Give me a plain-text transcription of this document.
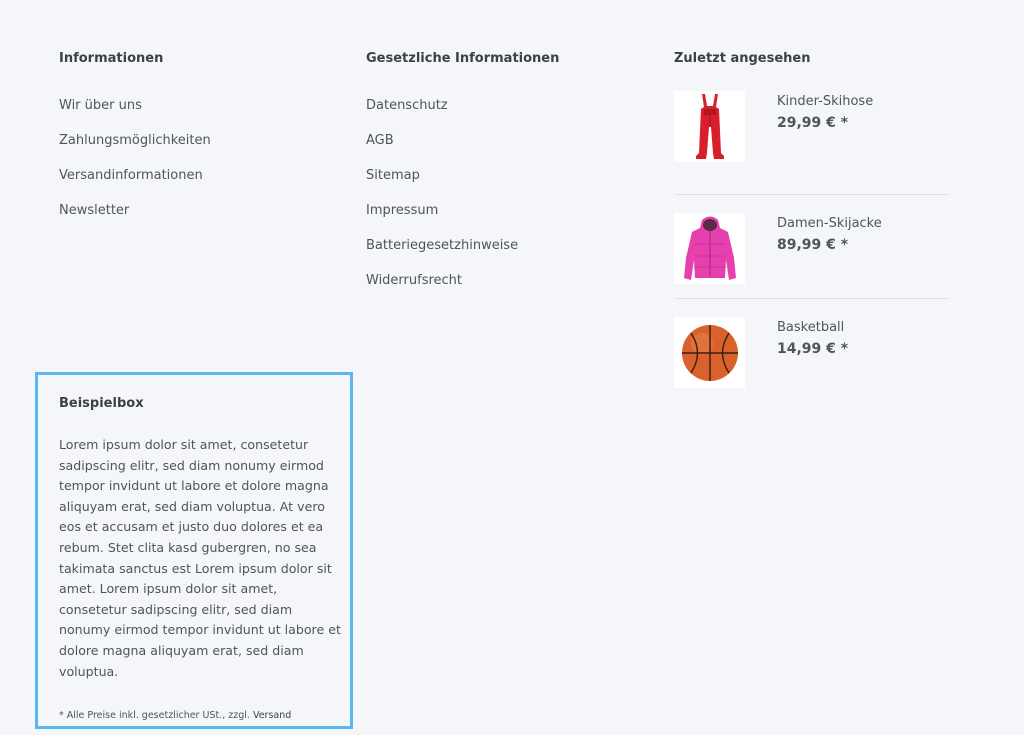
Informationen
Wir über uns
Zahlungsmöglichkeiten
Versandinformationen
Newsletter
Gesetzliche Informationen
Datenschutz
AGB
Sitemap
Impressum
Batteriegesetzhinweise
Widerrufsrecht
Zuletzt angesehen
Kinder-Skihose
29,99 € *
Damen-Skijacke
89,99 € *
Basketball
14,99 € *
Beispielbox
Lorem ipsum dolor sit amet, consetetur sadipscing elitr, sed diam nonumy eirmod tempor invidunt ut labore et dolore magna aliquyam erat, sed diam voluptua. At vero eos et accusam et justo duo dolores et ea rebum. Stet clita kasd gubergren, no sea takimata sanctus est Lorem ipsum dolor sit amet. Lorem ipsum dolor sit amet, consetetur sadipscing elitr, sed diam nonumy eirmod tempor invidunt ut labore et dolore magna aliquyam erat, sed diam voluptua.
* Alle Preise inkl. gesetzlicher USt., zzgl. Versand
